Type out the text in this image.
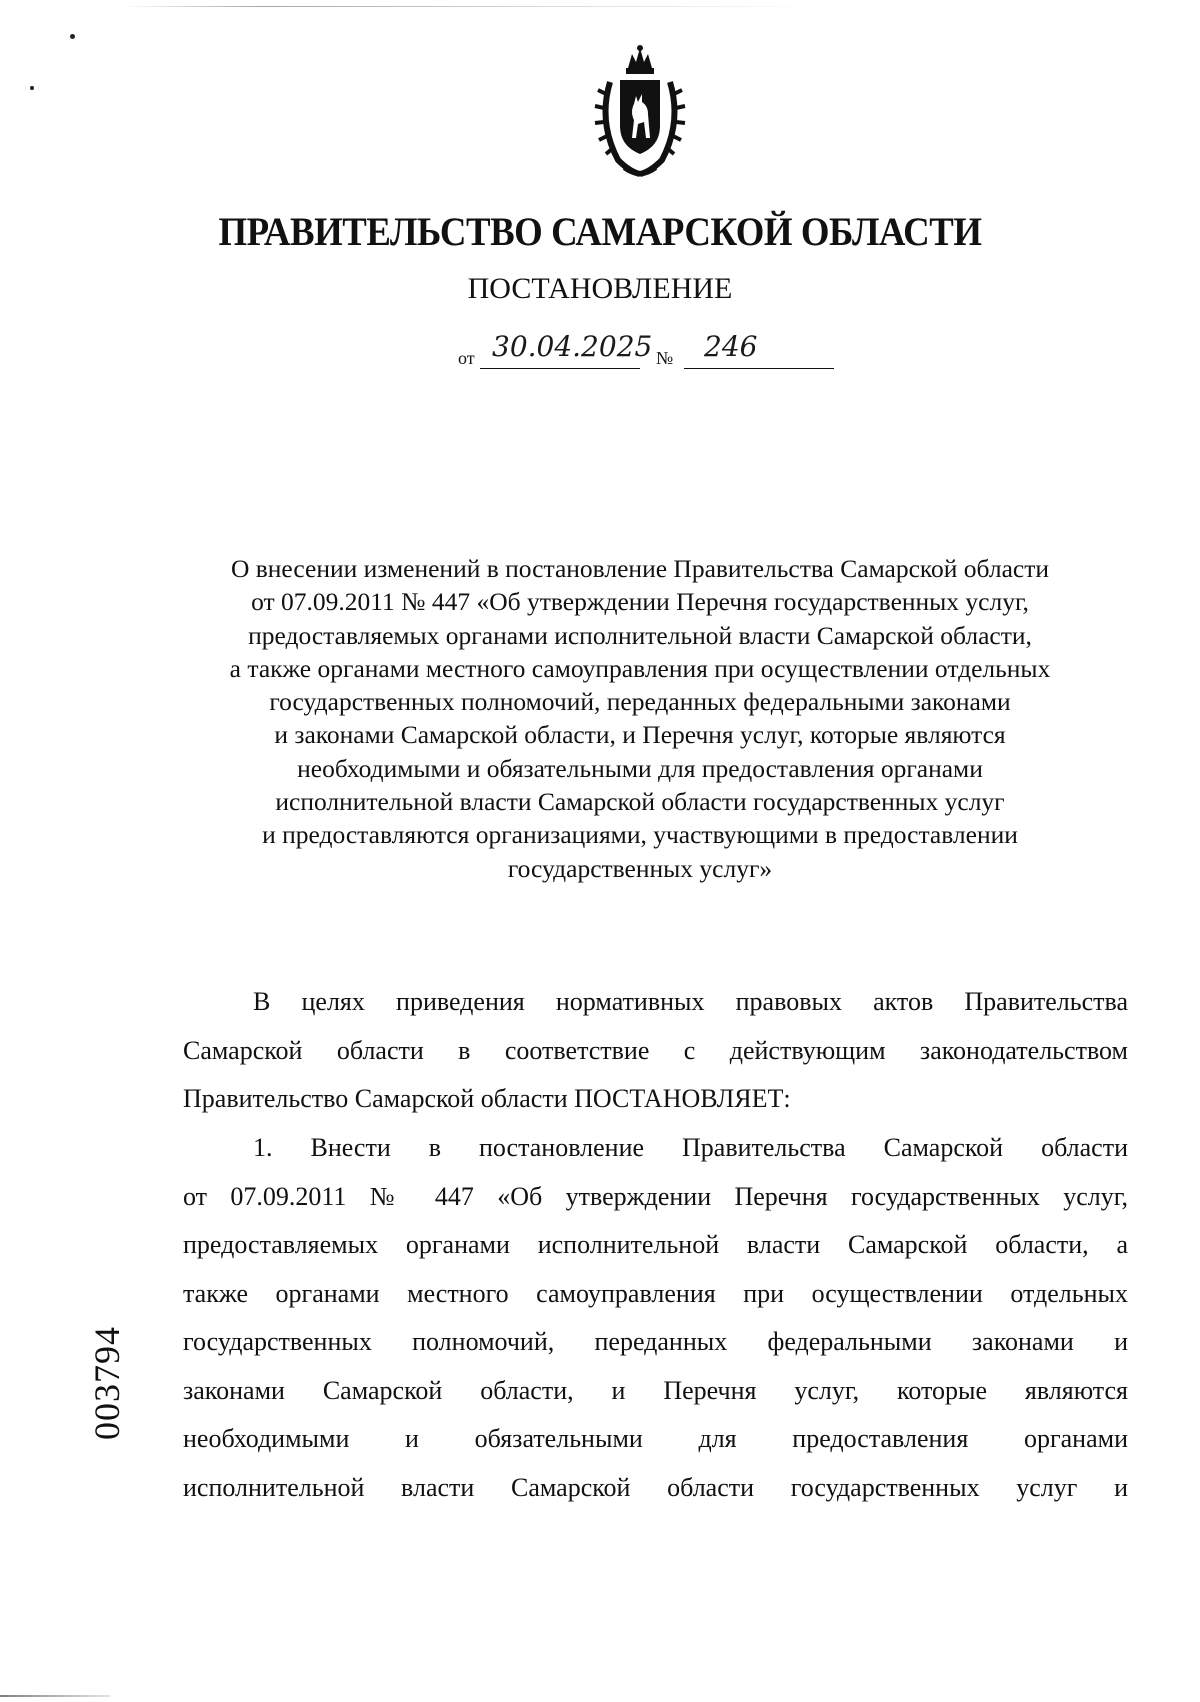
ПРАВИТЕЛЬСТВО САМАРСКОЙ ОБЛАСТИ
ПОСТАНОВЛЕНИЕ
от 30.04.2025 № 246
О внесении изменений в постановление Правительства Самарской области
от 07.09.2011 № 447 «Об утверждении Перечня государственных услуг,
предоставляемых органами исполнительной власти Самарской области,
а также органами местного самоуправления при осуществлении отдельных
государственных полномочий, переданных федеральными законами
и законами Самарской области, и Перечня услуг, которые являются
необходимыми и обязательными для предоставления органами
исполнительной власти Самарской области государственных услуг
и предоставляются организациями, участвующими в предоставлении
государственных услуг»
В целях приведения нормативных правовых актов Правительства
Самарской области в соответствие с действующим законодательством
Правительство Самарской области ПОСТАНОВЛЯЕТ:
1. Внести в постановление Правительства Самарской области
от 07.09.2011 № 447 «Об утверждении Перечня государственных услуг,
предоставляемых органами исполнительной власти Самарской области, а
также органами местного самоуправления при осуществлении отдельных
государственных полномочий, переданных федеральными законами и
законами Самарской области, и Перечня услуг, которые являются
необходимыми и обязательными для предоставления органами
исполнительной власти Самарской области государственных услуг и
003794
